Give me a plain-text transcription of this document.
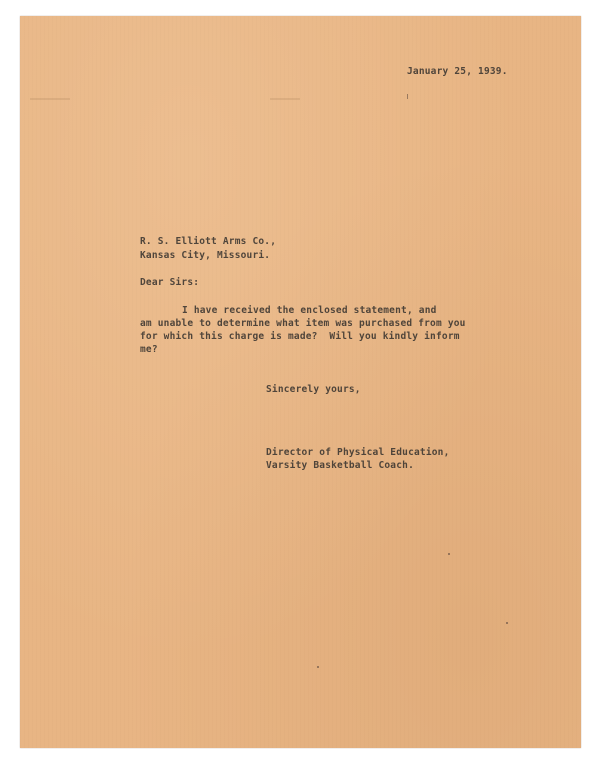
January 25, 1939.
R. S. Elliott Arms Co.,
Kansas City, Missouri.
Dear Sirs:
I have received the enclosed statement, and
am unable to determine what item was purchased from you
for which this charge is made?  Will you kindly inform
me?
Sincerely yours,
Director of Physical Education,
Varsity Basketball Coach.
